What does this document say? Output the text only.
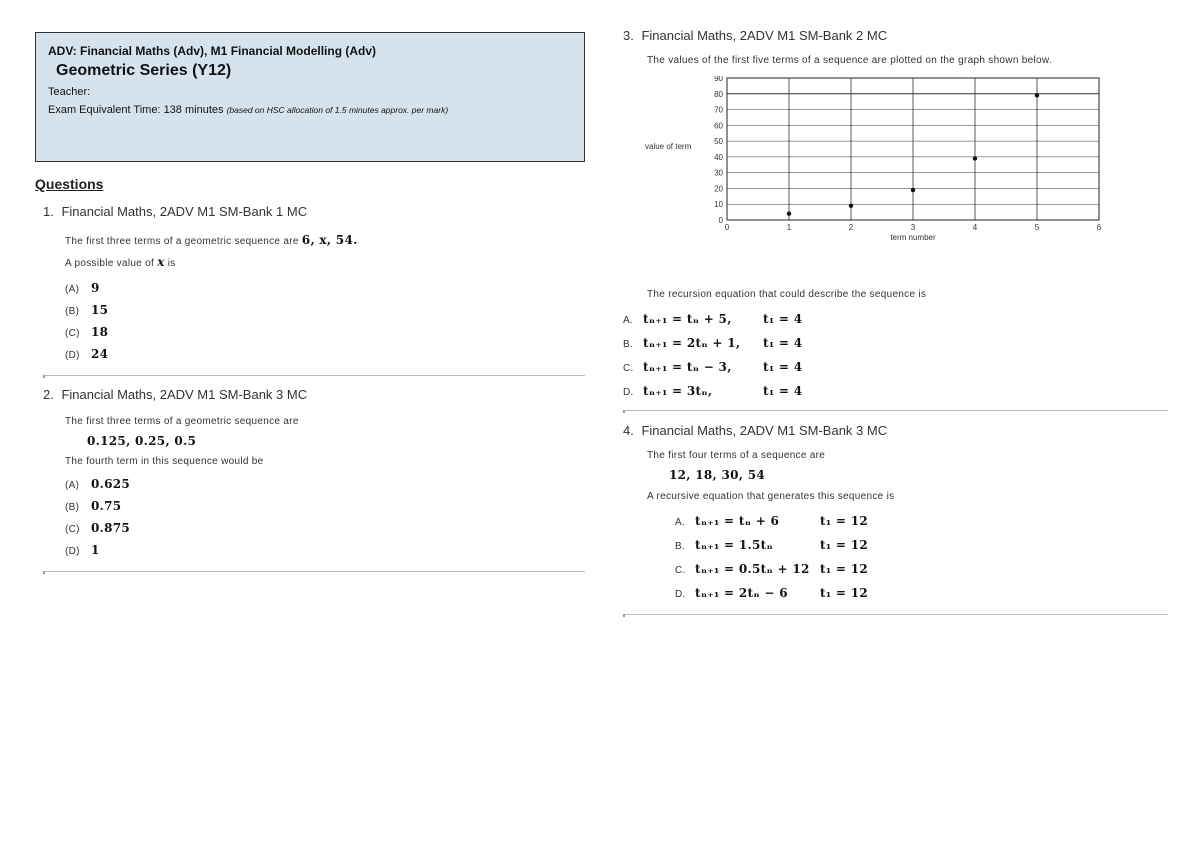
ADV: Financial Maths (Adv), M1 Financial Modelling (Adv)
Geometric Series (Y12)
Teacher:
Exam Equivalent Time: 138 minutes (based on HSC allocation of 1.5 minutes approx. per mark)
Questions
1. Financial Maths, 2ADV M1 SM-Bank 1 MC
The first three terms of a geometric sequence are 6, x, 54.
A possible value of x is
(A) 9
(B) 15
(C) 18
(D) 24
2. Financial Maths, 2ADV M1 SM-Bank 3 MC
The first three terms of a geometric sequence are
0.125, 0.25, 0.5
The fourth term in this sequence would be
(A) 0.625
(B) 0.75
(C) 0.875
(D) 1
3. Financial Maths, 2ADV M1 SM-Bank 2 MC
The values of the first five terms of a sequence are plotted on the graph shown below.
0
10
20
30
40
50
60
70
80
90
0	1	2	3	4	5	6
value of term
term number
The recursion equation that could describe the sequence is
A. tₙ₊₁ = tₙ + 5,	t₁ = 4
B. tₙ₊₁ = 2tₙ + 1,	t₁ = 4
C. tₙ₊₁ = tₙ − 3,	t₁ = 4
D. tₙ₊₁ = 3tₙ,	t₁ = 4
4. Financial Maths, 2ADV M1 SM-Bank 3 MC
The first four terms of a sequence are
12, 18, 30, 54
A recursive equation that generates this sequence is
A. tₙ₊₁ = tₙ + 6	t₁ = 12
B. tₙ₊₁ = 1.5tₙ	t₁ = 12
C. tₙ₊₁ = 0.5tₙ + 12 t₁ = 12
D. tₙ₊₁ = 2tₙ − 6	t₁ = 12
